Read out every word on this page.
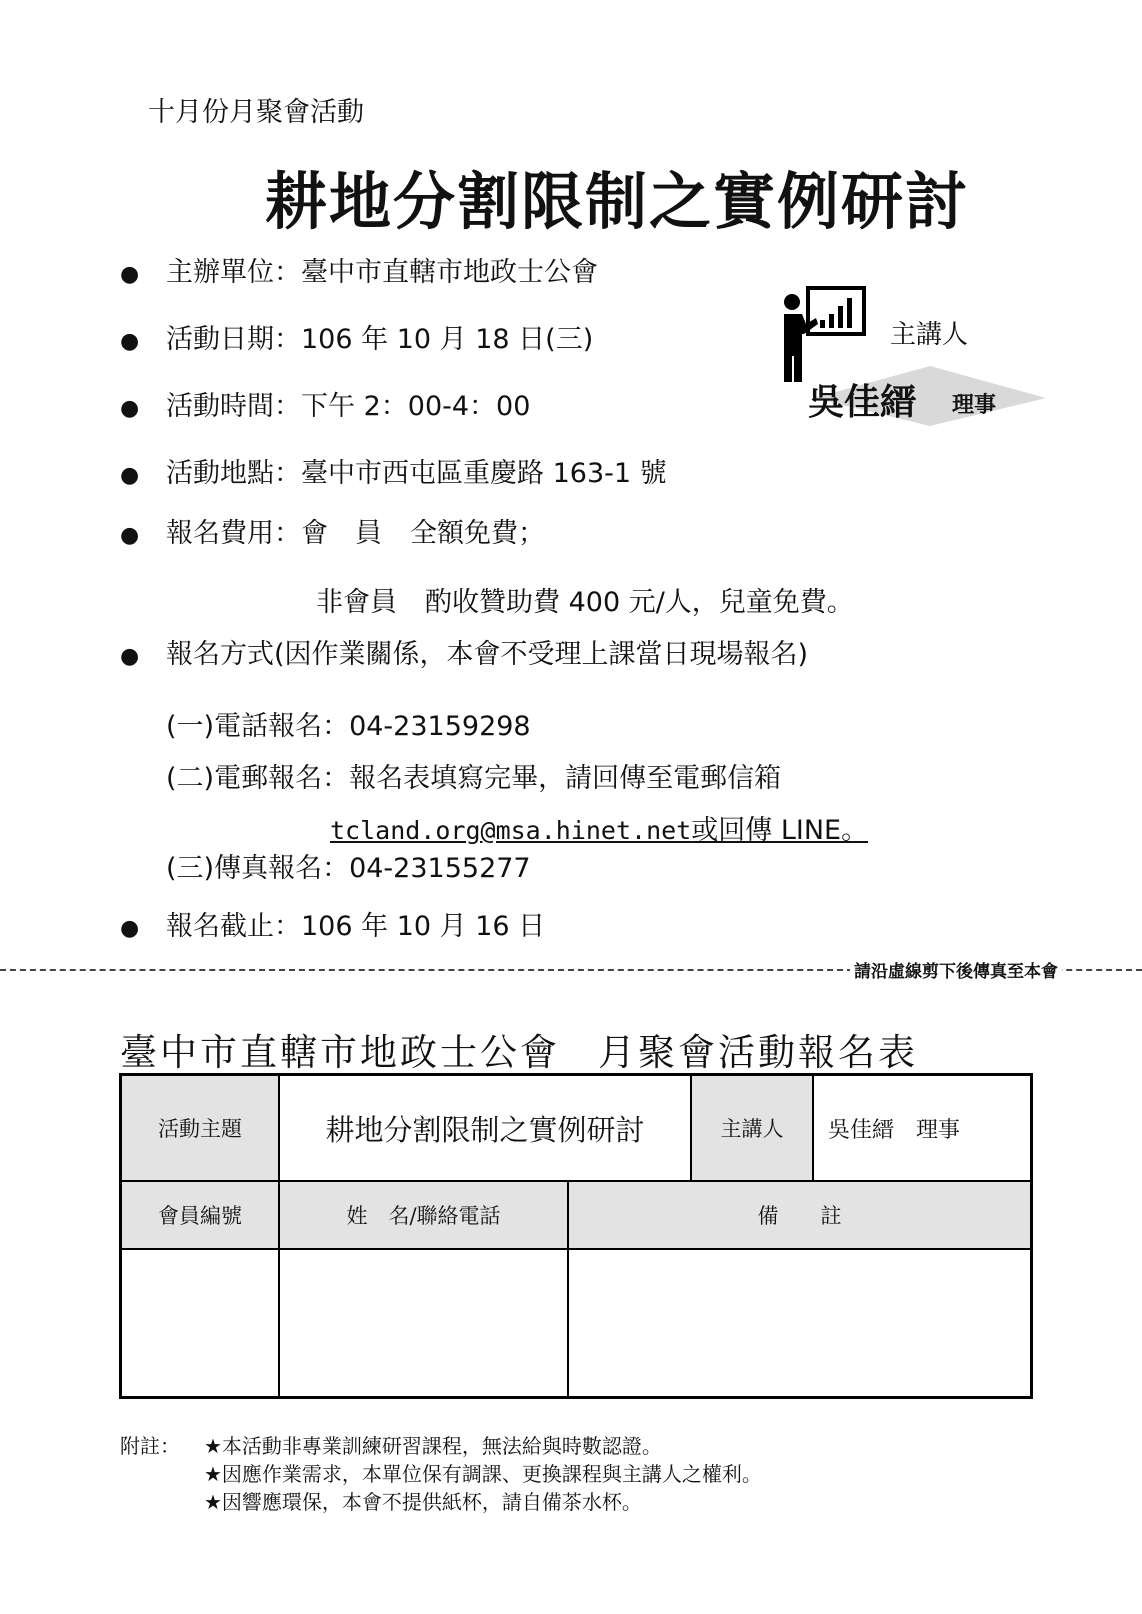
十月份月聚會活動
耕地分割限制之實例研討
● 主辦單位：臺中市直轄市地政士公會
● 活動日期：106 年 10 月 18 日(三)
● 活動時間：下午 2：00-4：00
● 活動地點：臺中市西屯區重慶路 163-1 號
● 報名費用：會　員 全額免費；
非會員 酌收贊助費 400 元/人，兒童免費。
● 報名方式(因作業關係，本會不受理上課當日現場報名)
(一)電話報名：04-23159298
(二)電郵報名：報名表填寫完畢，請回傳至電郵信箱
tcland.org@msa.hinet.net或回傳 LINE。
(三)傳真報名：04-23155277
● 報名截止：106 年 10 月 16 日
主講人
吳佳縉 理事
請沿虛線剪下後傳真至本會
臺中市直轄市地政士公會 月聚會活動報名表
活動主題	耕地分割限制之實例研討	主講人	吳佳縉　理事
會員編號	姓　名/聯絡電話	備　　註
附註： ★本活動非專業訓練研習課程，無法給與時數認證。
★因應作業需求，本單位保有調課、更換課程與主講人之權利。
★因響應環保，本會不提供紙杯，請自備茶水杯。
